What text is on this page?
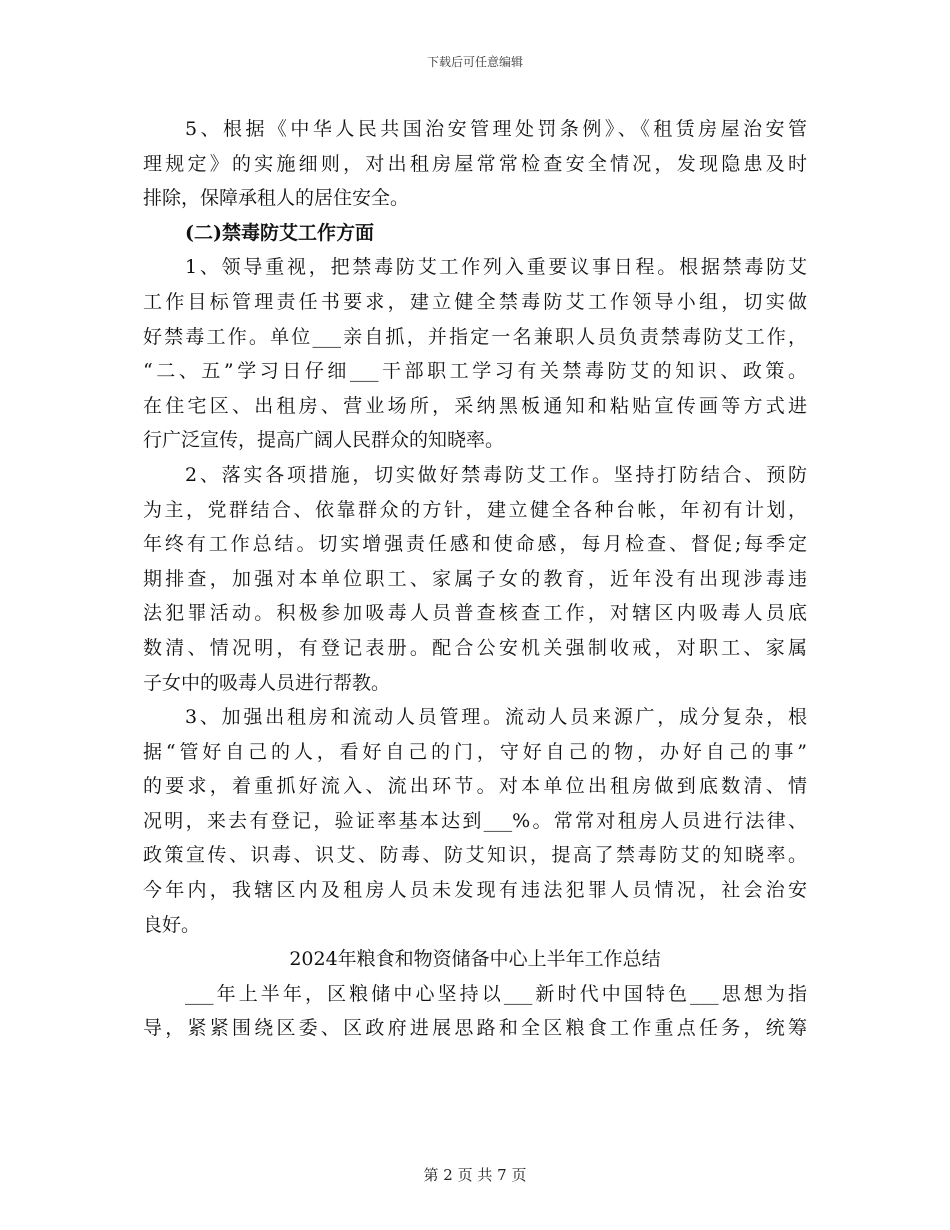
下载后可任意编辑
5、根据《中华人民共国治安管理处罚条例》、《租赁房屋治安管
理规定》的实施细则，对出租房屋常常检查安全情况，发现隐患及时
排除，保障承租人的居住安全。
(二)禁毒防艾工作方面
1、领导重视，把禁毒防艾工作列入重要议事日程。根据禁毒防艾
工作目标管理责任书要求，建立健全禁毒防艾工作领导小组，切实做
好禁毒工作。单位___亲自抓，并指定一名兼职人员负责禁毒防艾工作，
“二、五”学习日仔细___干部职工学习有关禁毒防艾的知识、政策。
在住宅区、出租房、营业场所，采纳黑板通知和粘贴宣传画等方式进
行广泛宣传，提高广阔人民群众的知晓率。
2、落实各项措施，切实做好禁毒防艾工作。坚持打防结合、预防
为主，党群结合、依靠群众的方针，建立健全各种台帐，年初有计划，
年终有工作总结。切实增强责任感和使命感，每月检查、督促;每季定
期排查，加强对本单位职工、家属子女的教育，近年没有出现涉毒违
法犯罪活动。积极参加吸毒人员普查核查工作，对辖区内吸毒人员底
数清、情况明，有登记表册。配合公安机关强制收戒，对职工、家属
子女中的吸毒人员进行帮教。
3、加强出租房和流动人员管理。流动人员来源广，成分复杂，根
据“管好自己的人，看好自己的门，守好自己的物，办好自己的事”
的要求，着重抓好流入、流出环节。对本单位出租房做到底数清、情
况明，来去有登记，验证率基本达到___%。常常对租房人员进行法律、
政策宣传、识毒、识艾、防毒、防艾知识，提高了禁毒防艾的知晓率。
今年内，我辖区内及租房人员未发现有违法犯罪人员情况，社会治安
良好。
2024年粮食和物资储备中心上半年工作总结
___年上半年，区粮储中心坚持以___新时代中国特色___思想为指
导，紧紧围绕区委、区政府进展思路和全区粮食工作重点任务，统筹
第 2 页 共 7 页
